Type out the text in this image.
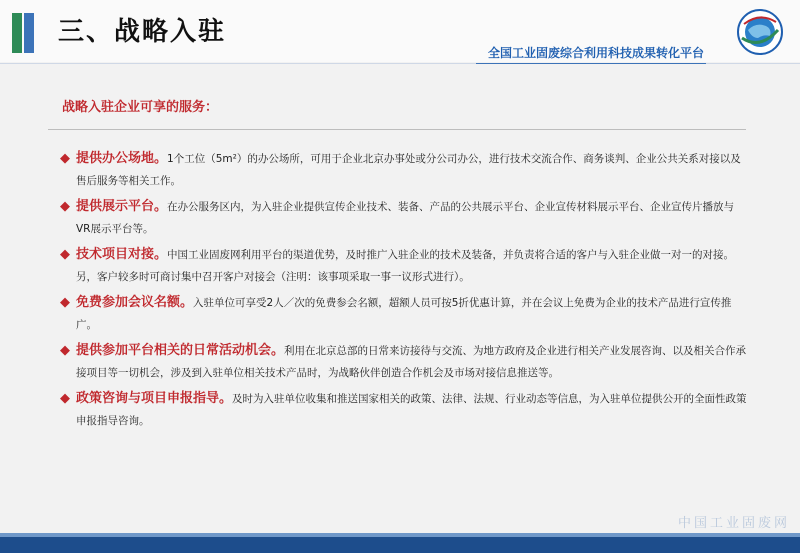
三、战略入驻
全国工业固废综合利用科技成果转化平台
战略入驻企业可享的服务：
◆ 提供办公场地。1个工位（5m²）的办公场所，可用于企业北京办事处或分公司办公，进行技术交流合作、商务谈判、企业公共关系对接以及售后服务等相关工作。
◆ 提供展示平台。在办公服务区内，为入驻企业提供宣传企业技术、装备、产品的公共展示平台、企业宣传材料展示平台、企业宣传片播放与VR展示平台等。
◆ 技术项目对接。中国工业固废网利用平台的渠道优势，及时推广入驻企业的技术及装备，并负责将合适的客户与入驻企业做一对一的对接。另，客户较多时可商讨集中召开客户对接会（注明：该事项采取一事一议形式进行）。
◆ 免费参加会议名额。入驻单位可享受2人／次的免费参会名额，超额人员可按5折优惠计算，并在会议上免费为企业的技术产品进行宣传推广。
◆ 提供参加平台相关的日常活动机会。利用在北京总部的日常来访接待与交流、为地方政府及企业进行相关产业发展咨询、以及相关合作承接项目等一切机会，涉及到入驻单位相关技术产品时，为战略伙伴创造合作机会及市场对接信息推送等。
◆ 政策咨询与项目申报指导。及时为入驻单位收集和推送国家相关的政策、法律、法规、行业动态等信息，为入驻单位提供公开的全面性政策申报指导咨询。
中国工业固废网
